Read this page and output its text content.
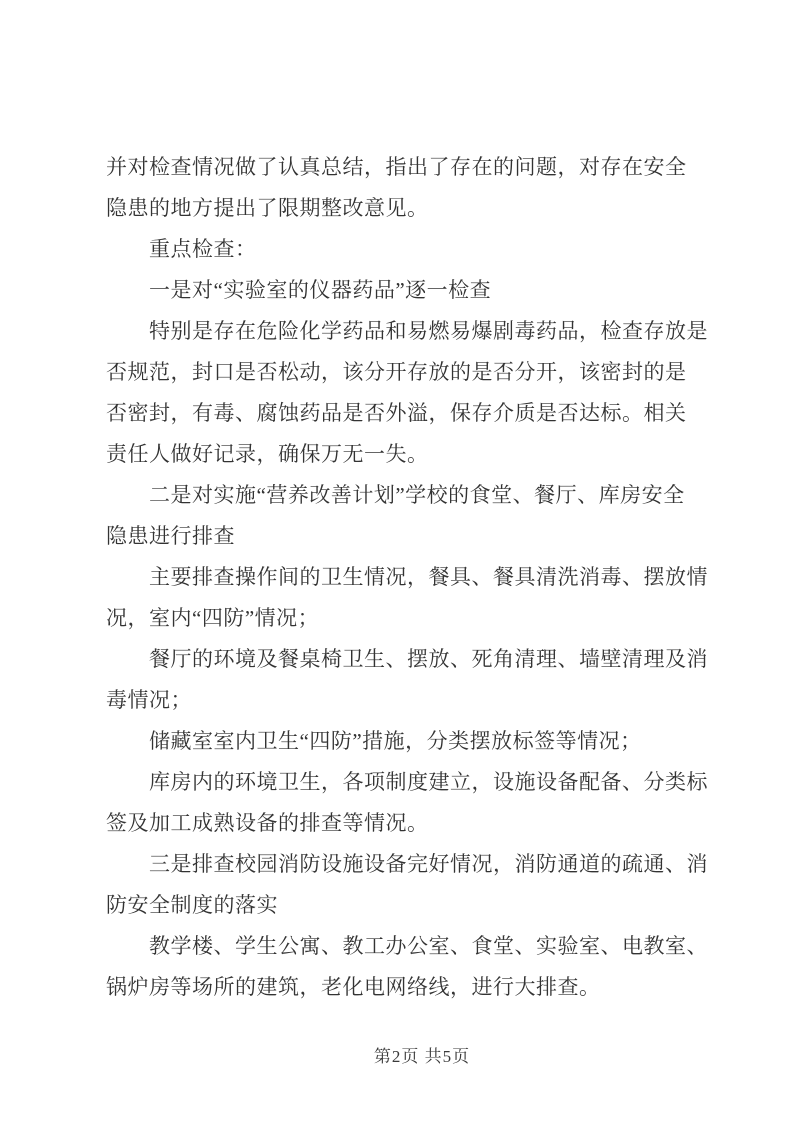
并对检查情况做了认真总结，指出了存在的问题，对存在安全
隐患的地方提出了限期整改意见。
重点检查：
一是对“实验室的仪器药品”逐一检查
特别是存在危险化学药品和易燃易爆剧毒药品，检查存放是
否规范，封口是否松动，该分开存放的是否分开，该密封的是
否密封，有毒、腐蚀药品是否外溢，保存介质是否达标。相关
责任人做好记录，确保万无一失。
二是对实施“营养改善计划”学校的食堂、餐厅、库房安全
隐患进行排查
主要排查操作间的卫生情况，餐具、餐具清洗消毒、摆放情
况，室内“四防”情况；
餐厅的环境及餐桌椅卫生、摆放、死角清理、墙壁清理及消
毒情况；
储藏室室内卫生“四防”措施，分类摆放标签等情况；
库房内的环境卫生，各项制度建立，设施设备配备、分类标
签及加工成熟设备的排查等情况。
三是排查校园消防设施设备完好情况，消防通道的疏通、消
防安全制度的落实
教学楼、学生公寓、教工办公室、食堂、实验室、电教室、
锅炉房等场所的建筑，老化电网络线，进行大排查。
第2页 共5页
